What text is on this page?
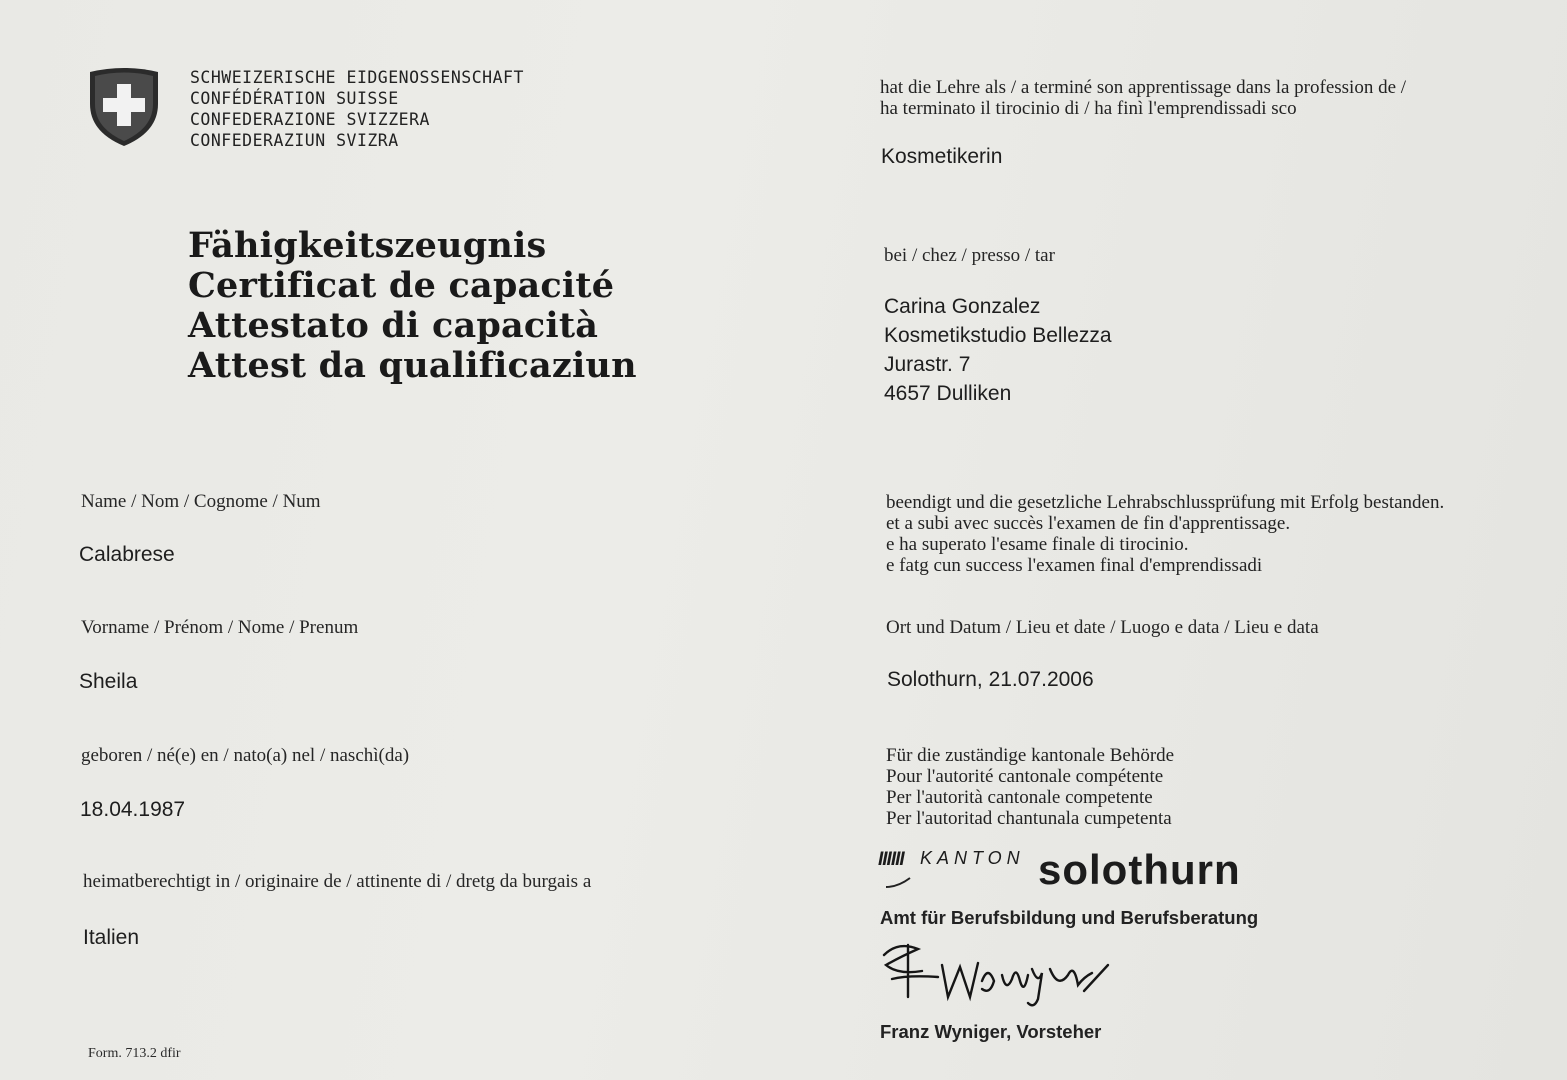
SCHWEIZERISCHE EIDGENOSSENSCHAFT
CONFÉDÉRATION SUISSE
CONFEDERAZIONE SVIZZERA
CONFEDERAZIUN SVIZRA
Fähigkeitszeugnis
Certificat de capacité
Attestato di capacità
Attest da qualificaziun
Name / Nom / Cognome / Num
Calabrese
Vorname / Prénom / Nome / Prenum
Sheila
geboren / né(e) en / nato(a) nel / naschì(da)
18.04.1987
heimatberechtigt in / originaire de / attinente di / dretg da burgais a
Italien
Form. 713.2 dfir
hat die Lehre als / a terminé son apprentissage dans la profession de /
ha terminato il tirocinio di / ha finì l'emprendissadi sco
Kosmetikerin
bei / chez / presso / tar
Carina Gonzalez
Kosmetikstudio Bellezza
Jurastr. 7
4657 Dulliken
beendigt und die gesetzliche Lehrabschlussprüfung mit Erfolg bestanden.
et a subi avec succès l'examen de fin d'apprentissage.
e ha superato l'esame finale di tirocinio.
e fatg cun success l'examen final d'emprendissadi
Ort und Datum / Lieu et date / Luogo e data / Lieu e data
Solothurn, 21.07.2006
Für die zuständige kantonale Behörde
Pour l'autorité cantonale compétente
Per l'autorità cantonale competente
Per l'autoritad chantunala cumpetenta
IIIIII KANTON solothurn
Amt für Berufsbildung und Berufsberatung
Franz Wyniger, Vorsteher
